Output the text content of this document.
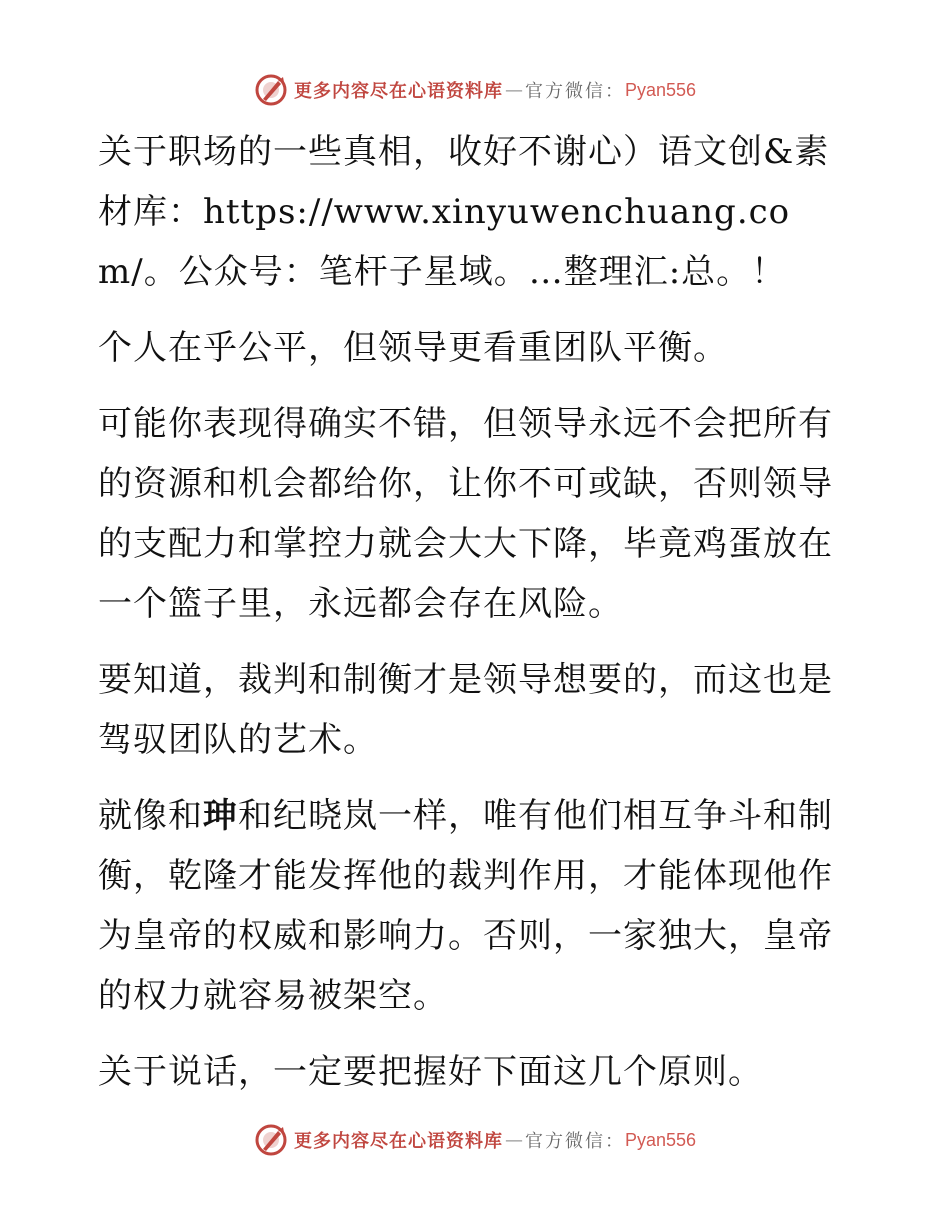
更多内容尽在心语资料库 — 官方微信： Pyan556

关于职场的一些真相，收好不谢心）语文创&素材库：https://www.xinyuwenchuang.com/。公众号：笔杆子星域。…整理汇:总。！

个人在乎公平，但领导更看重团队平衡。

可能你表现得确实不错，但领导永远不会把所有的资源和机会都给你，让你不可或缺，否则领导的支配力和掌控力就会大大下降，毕竟鸡蛋放在一个篮子里，永远都会存在风险。

要知道，裁判和制衡才是领导想要的，而这也是驾驭团队的艺术。

就像和珅和纪晓岚一样，唯有他们相互争斗和制衡，乾隆才能发挥他的裁判作用，才能体现他作为皇帝的权威和影响力。否则，一家独大，皇帝的权力就容易被架空。

关于说话，一定要把握好下面这几个原则。

更多内容尽在心语资料库 — 官方微信： Pyan556
